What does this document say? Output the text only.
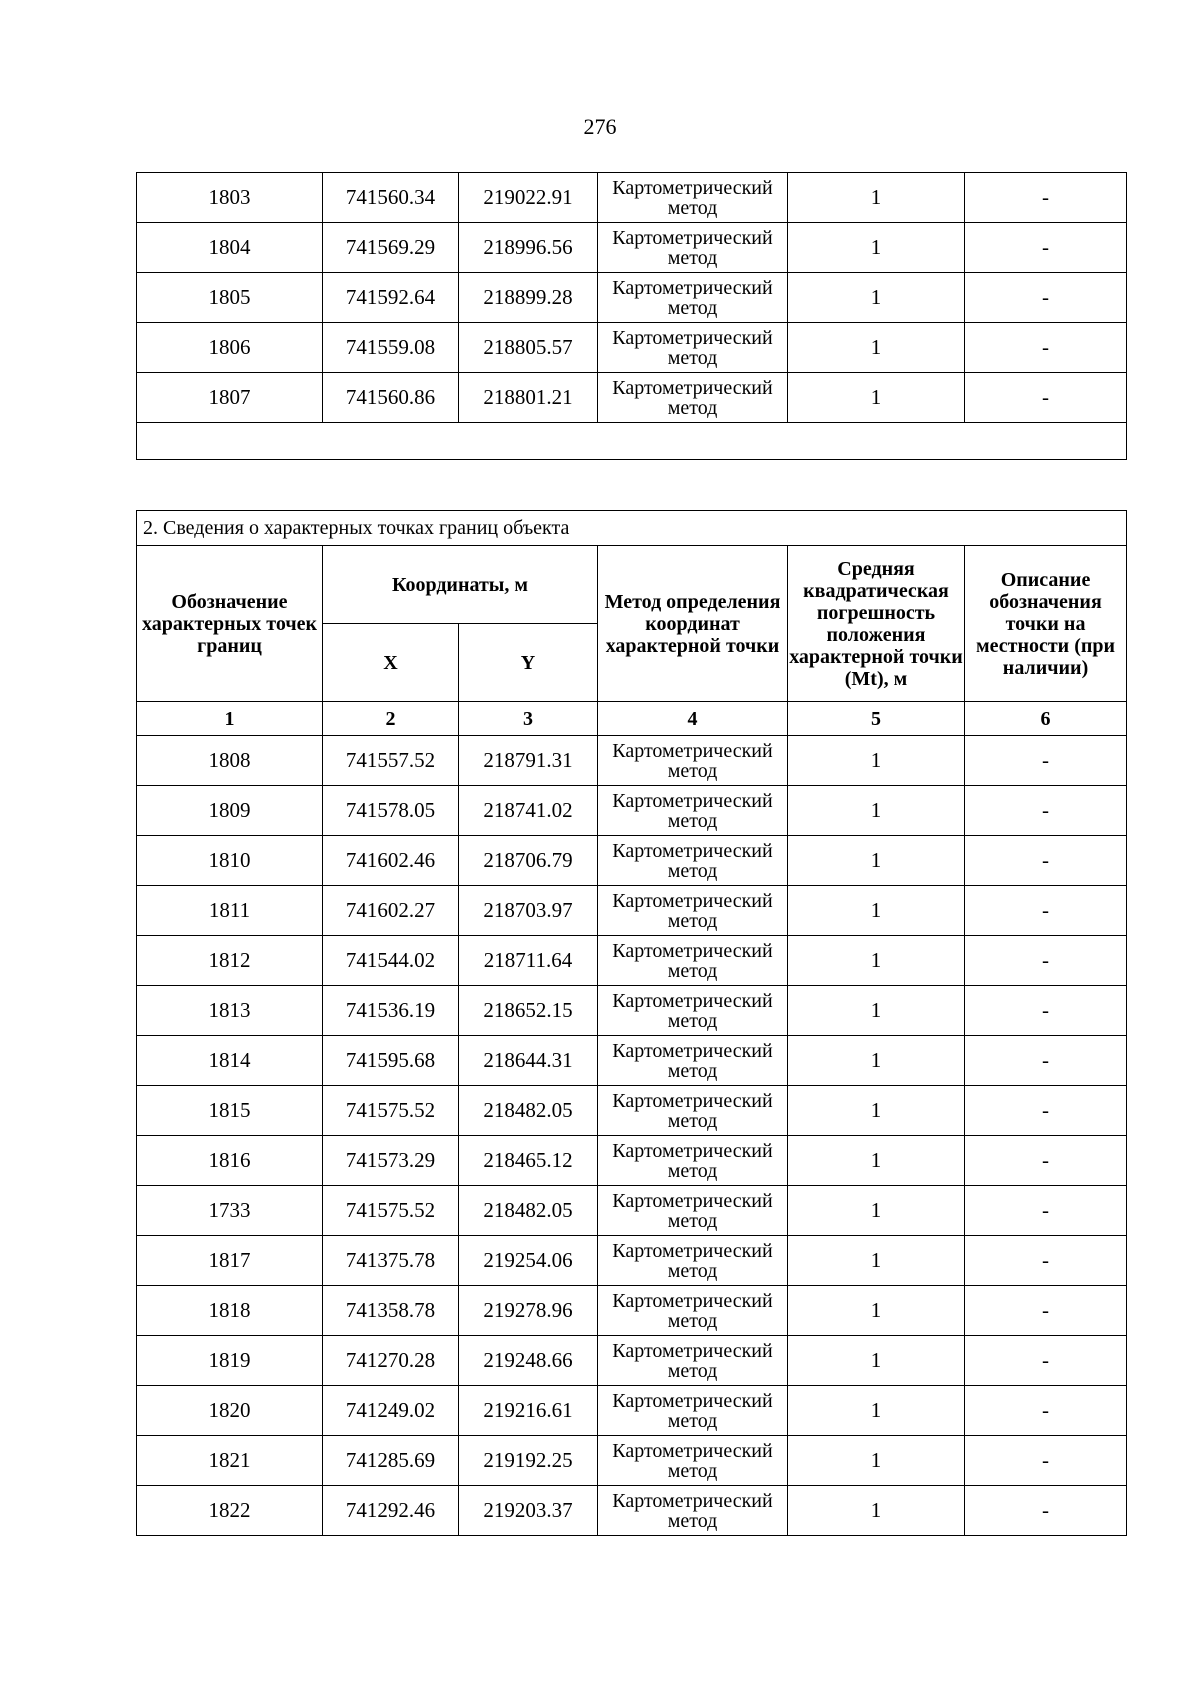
276
1803	741560.34	219022.91	Картометрический метод	1	-
1804	741569.29	218996.56	Картометрический метод	1	-
1805	741592.64	218899.28	Картометрический метод	1	-
1806	741559.08	218805.57	Картометрический метод	1	-
1807	741560.86	218801.21	Картометрический метод	1	-

2. Сведения о характерных точках границ объекта					
Обозначение характерных точек границ	Координаты, м		Метод определения координат характерной точки	Средняя квадратическая погрешность положения характерной точки (Mt), м	Описание обозначения точки на местности (при наличии)
	X	Y			
1	2	3	4	5	6
1808	741557.52	218791.31	Картометрический метод	1	-
1809	741578.05	218741.02	Картометрический метод	1	-
1810	741602.46	218706.79	Картометрический метод	1	-
1811	741602.27	218703.97	Картометрический метод	1	-
1812	741544.02	218711.64	Картометрический метод	1	-
1813	741536.19	218652.15	Картометрический метод	1	-
1814	741595.68	218644.31	Картометрический метод	1	-
1815	741575.52	218482.05	Картометрический метод	1	-
1816	741573.29	218465.12	Картометрический метод	1	-
1733	741575.52	218482.05	Картометрический метод	1	-
1817	741375.78	219254.06	Картометрический метод	1	-
1818	741358.78	219278.96	Картометрический метод	1	-
1819	741270.28	219248.66	Картометрический метод	1	-
1820	741249.02	219216.61	Картометрический метод	1	-
1821	741285.69	219192.25	Картометрический метод	1	-
1822	741292.46	219203.37	Картометрический метод	1	-
